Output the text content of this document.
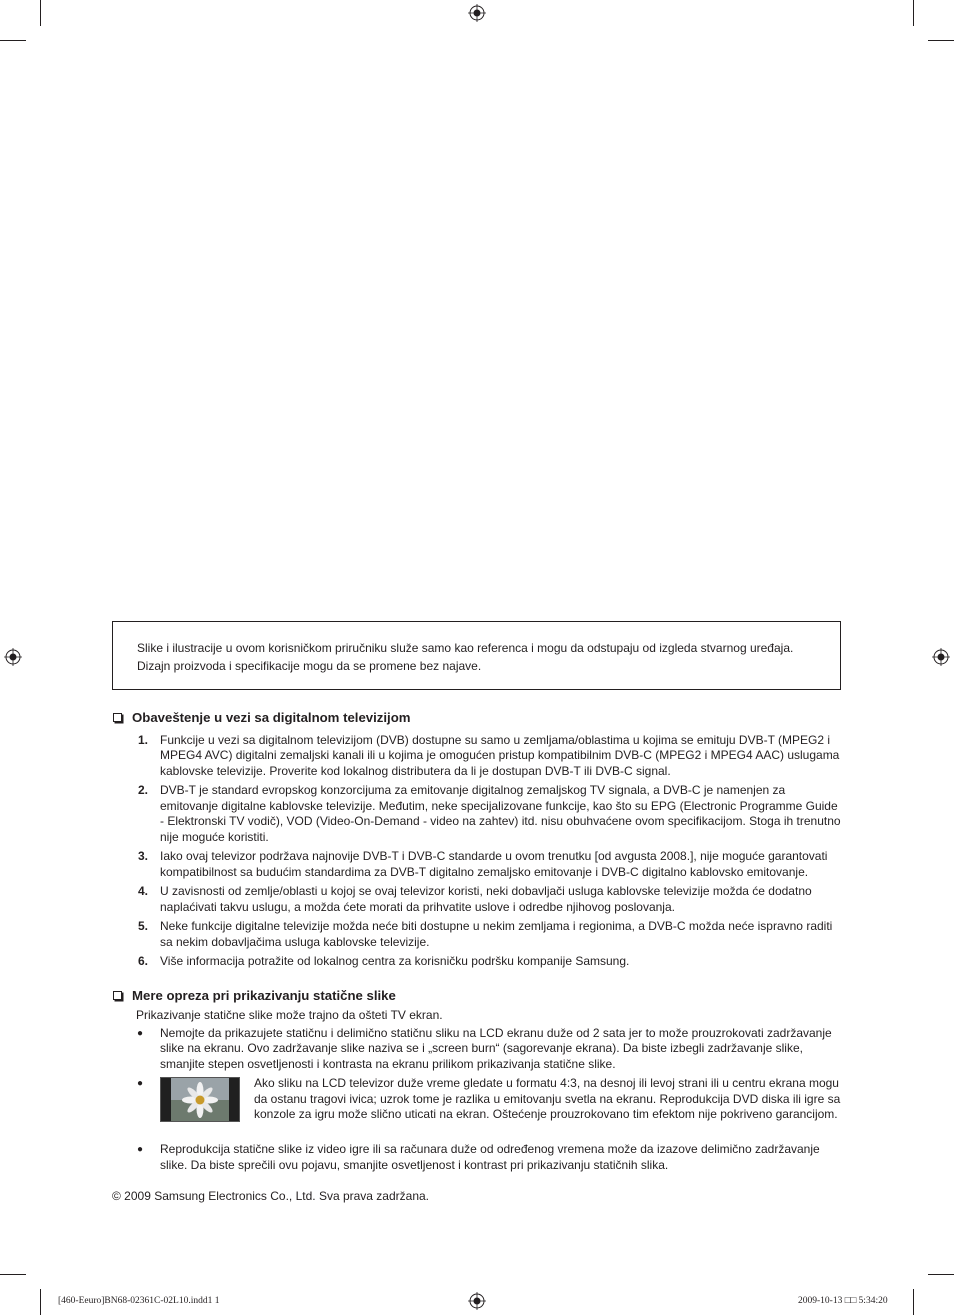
Slike i ilustracije u ovom korisničkom priručniku služe samo kao referenca i mogu da odstupaju od izgleda stvarnog uređaja.

Dizajn proizvoda i specifikacije mogu da se promene bez najave.

Obaveštenje u vezi sa digitalnom televizijom
1. Funkcije u vezi sa digitalnom televizijom (DVB) dostupne su samo u zemljama/oblastima u kojima se emituju DVB-T (MPEG2 i MPEG4 AVC) digitalni zemaljski kanali ili u kojima je omogućen pristup kompatibilnim DVB-C (MPEG2 i MPEG4 AAC) uslugama kablovske televizije. Proverite kod lokalnog distributera da li je dostupan DVB-T ili DVB-C signal.
2. DVB-T je standard evropskog konzorcijuma za emitovanje digitalnog zemaljskog TV signala, a DVB-C je namenjen za emitovanje digitalne kablovske televizije. Međutim, neke specijalizovane funkcije, kao što su EPG (Electronic Programme Guide - Elektronski TV vodič), VOD (Video-On-Demand - video na zahtev) itd. nisu obuhvaćene ovom specifikacijom. Stoga ih trenutno nije moguće koristiti.
3. Iako ovaj televizor podržava najnovije DVB-T i DVB-C standarde u ovom trenutku [od avgusta 2008.], nije moguće garantovati kompatibilnost sa budućim standardima za DVB-T digitalno zemaljsko emitovanje i DVB-C digitalno kablovsko emitovanje.
4. U zavisnosti od zemlje/oblasti u kojoj se ovaj televizor koristi, neki dobavljači usluga kablovske televizije možda će dodatno naplaćivati takvu uslugu, a možda ćete morati da prihvatite uslove i odredbe njihovog poslovanja.
5. Neke funkcije digitalne televizije možda neće biti dostupne u nekim zemljama i regionima, a DVB-C možda neće ispravno raditi sa nekim dobavljačima usluga kablovske televizije.
6. Više informacija potražite od lokalnog centra za korisničku podršku kompanije Samsung.
Mere opreza pri prikazivanju statične slike
Prikazivanje statične slike može trajno da ošteti TV ekran.
●	Nemojte da prikazujete statičnu i delimično statičnu sliku na LCD ekranu duže od 2 sata jer to može prouzrokovati zadržavanje slike na ekranu. Ovo zadržavanje slike naziva se i „screen burn“ (sagorevanje ekrana). Da biste izbegli zadržavanje slike, smanjite stepen osvetljenosti i kontrasta na ekranu prilikom prikazivanja statične slike.
●	Ako sliku na LCD televizor duže vreme gledate u formatu 4:3, na desnoj ili levoj strani ili u centru ekrana mogu da ostanu tragovi ivica; uzrok tome je razlika u emitovanju svetla na ekranu. Reprodukcija DVD diska ili igre sa konzole za igru može slično uticati na ekran. Oštećenje prouzrokovano tim efektom nije pokriveno garancijom.
●	Reprodukcija statične slike iz video igre ili sa računara duže od određenog vremena može da izazove delimično zadržavanje slike. Da biste sprečili ovu pojavu, smanjite osvetljenost i kontrast pri prikazivanju statičnih slika.
© 2009 Samsung Electronics Co., Ltd. Sva prava zadržana.
[460-Eeuro]BN68-02361C-02L10.indd1 1	2009-10-13 □□ 5:34:20
